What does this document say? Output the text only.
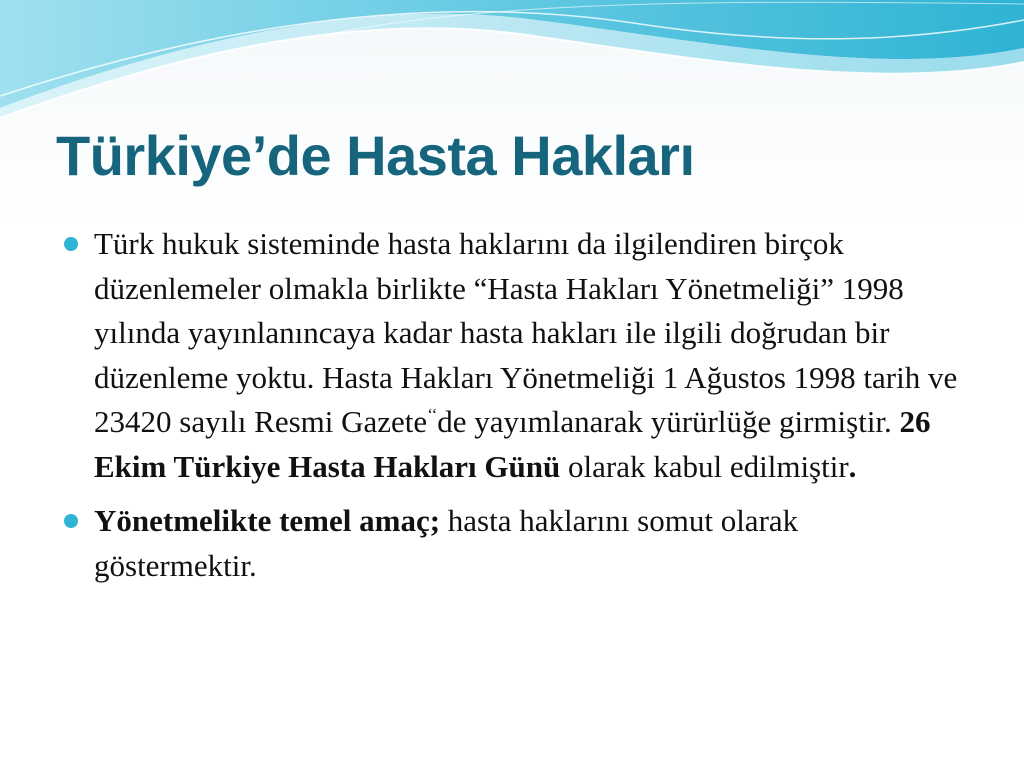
Türkiye’de Hasta Hakları
Türk hukuk sisteminde hasta haklarını da ilgilendiren birçok düzenlemeler olmakla birlikte “Hasta Hakları Yönetmeliği” 1998 yılında yayınlanıncaya kadar hasta hakları ile ilgili doğrudan bir düzenleme yoktu. Hasta Hakları Yönetmeliği 1 Ağustos 1998 tarih ve 23420 sayılı Resmi Gazete‘‘de yayımlanarak yürürlüğe girmiştir. 26 Ekim Türkiye Hasta Hakları Günü olarak kabul edilmiştir.
Yönetmelikte temel amaç; hasta haklarını somut olarak göstermektir.
